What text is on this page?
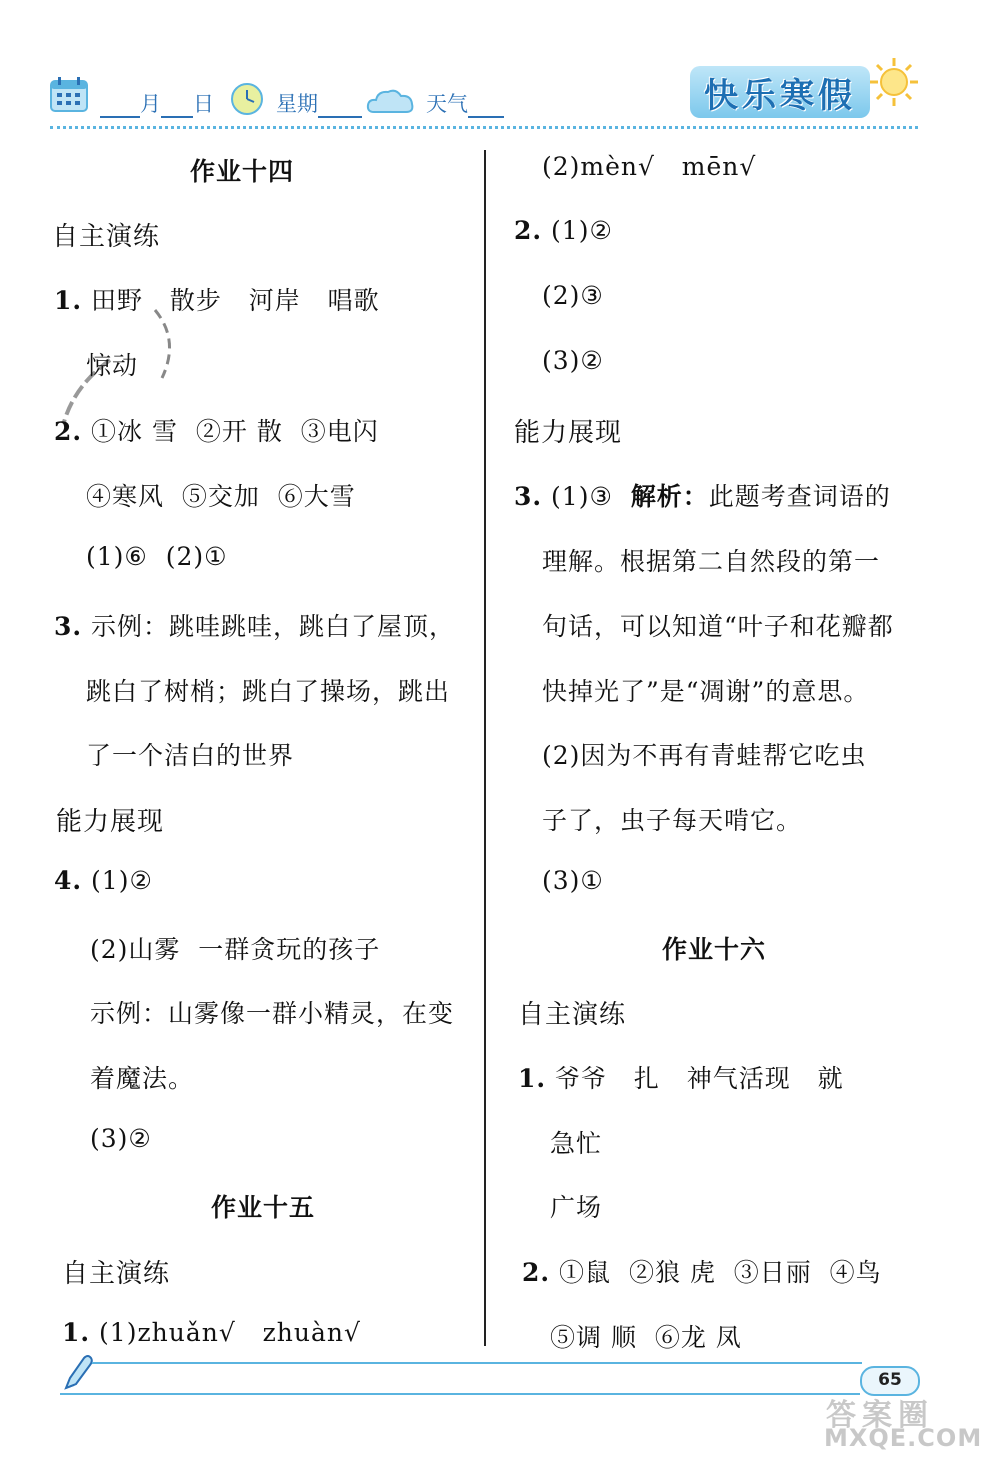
月 日	星期	天气	快乐寒假
作业十四
自主演练
1. 田野   散步   河岸   唱歌
惊动
2. ①冰 雪  ②开 散  ③电闪
④寒风  ⑤交加  ⑥大雪
(1)⑥  (2)①
3. 示例：跳哇跳哇，跳白了屋顶，
跳白了树梢；跳白了操场，跳出
了一个洁白的世界
能力展现
4. (1)②
(2)山雾  一群贪玩的孩子
示例：山雾像一群小精灵，在变
着魔法。
(3)②
作业十五
自主演练
1. (1)zhuǎn√   zhuàn√
(2)mèn√   mēn√
2. (1)②
(2)③
(3)②
能力展现
3. (1)③  解析：此题考查词语的
理解。根据第二自然段的第一
句话，可以知道“叶子和花瓣都
快掉光了”是“凋谢”的意思。
(2)因为不再有青蛙帮它吃虫
子了，虫子每天啃它。
(3)①
作业十六
自主演练
1. 爷爷   扎   神气活现   就
急忙
广场
2. ①鼠  ②狼 虎  ③日丽  ④鸟
⑤调 顺  ⑥龙 凤
65
答案圈
MXQE.COM
